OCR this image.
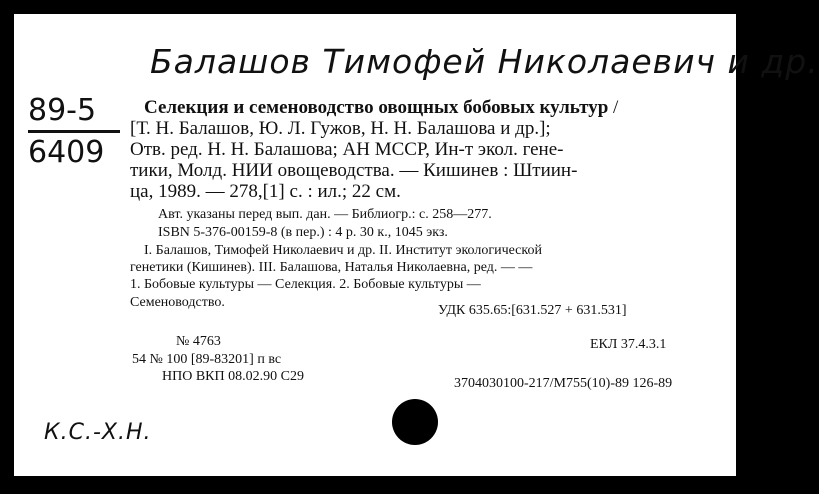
Балашов Тимофей Николаевич и др.
89-5
6409
Селекция и семеноводство овощных бобовых культур /
[Т. Н. Балашов, Ю. Л. Гужов, Н. Н. Балашова и др.];
Отв. ред. Н. Н. Балашова; АН МССР, Ин-т экол. гене-
тики, Молд. НИИ овощеводства. — Кишинев : Штиин-
ца, 1989. — 278,[1] с. : ил.; 22 см.
Авт. указаны перед вып. дан. — Библиогр.: с. 258—277.
ISBN 5-376-00159-8 (в пер.) : 4 р. 30 к., 1045 экз.
I. Балашов, Тимофей Николаевич и др. II. Институт экологической
генетики (Кишинев). III. Балашова, Наталья Николаевна, ред. — —
1. Бобовые культуры — Селекция. 2. Бобовые культуры —
Семеноводство.
УДК 635.65:[631.527 + 631.531]
№ 4763	ЕКЛ 37.4.3.1
54 № 100 [89-83201] п вс
НПО ВКП 08.02.90 С29	3704030100-217/М755(10)-89 126-89
К.С.-Х.Н.
